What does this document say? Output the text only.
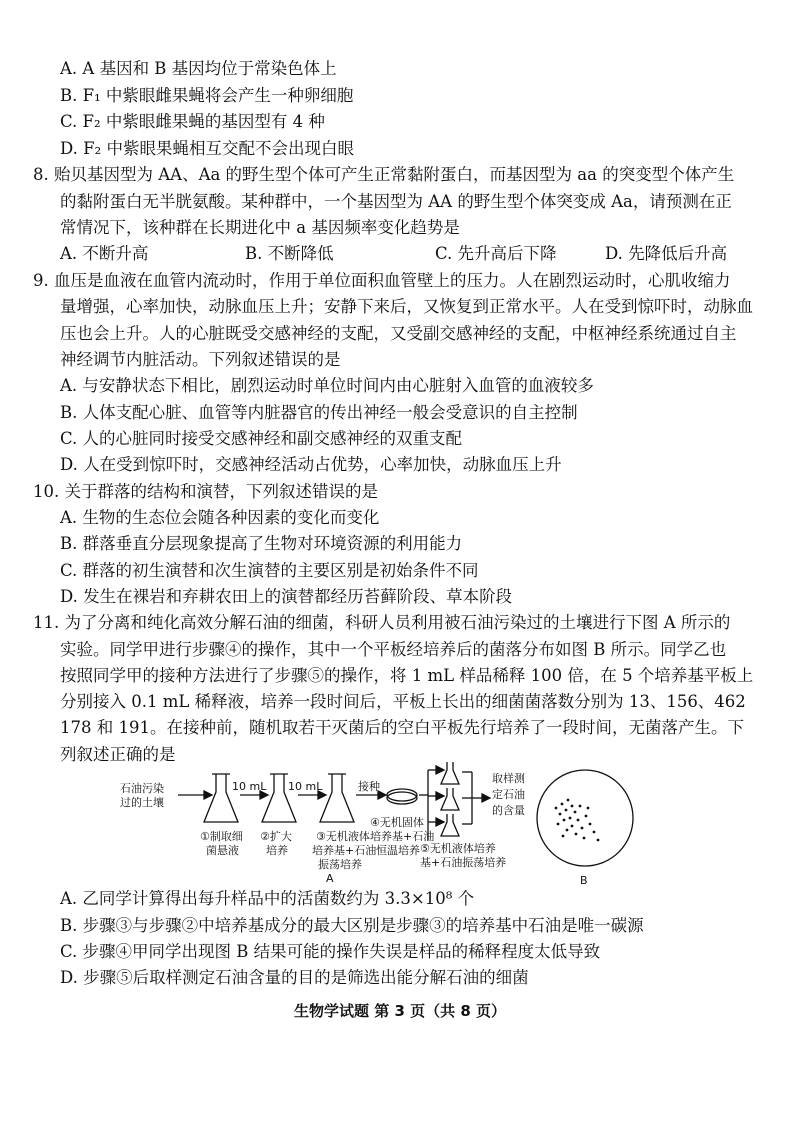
A. A 基因和 B 基因均位于常染色体上
B. F₁ 中紫眼雌果蝇将会产生一种卵细胞
C. F₂ 中紫眼雌果蝇的基因型有 4 种
D. F₂ 中紫眼果蝇相互交配不会出现白眼
8. 贻贝基因型为 AA、Aa 的野生型个体可产生正常黏附蛋白，而基因型为 aa 的突变型个体产生
的黏附蛋白无半胱氨酸。某种群中，一个基因型为 AA 的野生型个体突变成 Aa，请预测在正
常情况下，该种群在长期进化中 a 基因频率变化趋势是
A. 不断升高	B. 不断降低	C. 先升高后下降	D. 先降低后升高
9. 血压是血液在血管内流动时，作用于单位面积血管壁上的压力。人在剧烈运动时，心肌收缩力
量增强，心率加快，动脉血压上升；安静下来后，又恢复到正常水平。人在受到惊吓时，动脉血
压也会上升。人的心脏既受交感神经的支配，又受副交感神经的支配，中枢神经系统通过自主
神经调节内脏活动。下列叙述错误的是
A. 与安静状态下相比，剧烈运动时单位时间内由心脏射入血管的血液较多
B. 人体支配心脏、血管等内脏器官的传出神经一般会受意识的自主控制
C. 人的心脏同时接受交感神经和副交感神经的双重支配
D. 人在受到惊吓时，交感神经活动占优势，心率加快，动脉血压上升
10. 关于群落的结构和演替，下列叙述错误的是
A. 生物的生态位会随各种因素的变化而变化
B. 群落垂直分层现象提高了生物对环境资源的利用能力
C. 群落的初生演替和次生演替的主要区别是初始条件不同
D. 发生在裸岩和弃耕农田上的演替都经历苔藓阶段、草本阶段
11. 为了分离和纯化高效分解石油的细菌，科研人员利用被石油污染过的土壤进行下图 A 所示的
实验。同学甲进行步骤④的操作，其中一个平板经培养后的菌落分布如图 B 所示。同学乙也
按照同学甲的接种方法进行了步骤⑤的操作，将 1 mL 样品稀释 100 倍，在 5 个培养基平板上
分别接入 0.1 mL 稀释液，培养一段时间后，平板上长出的细菌菌落数分别为 13、156、462
178 和 191。在接种前，随机取若干灭菌后的空白平板先行培养了一段时间，无菌落产生。下
列叙述正确的是
石油污染
过的土壤
10 mL 10 mL	接种
①制取细
菌悬液
②扩大
培养
③无机液体
培养基+石油
振荡培养
④无机固体
培养基+石油
恒温培养 ⑤无机液体培养
基+石油振荡培养
取样测
定石油
的含量
A	B
A. 乙同学计算得出每升样品中的活菌数约为 3.3×10⁸ 个
B. 步骤③与步骤②中培养基成分的最大区别是步骤③的培养基中石油是唯一碳源
C. 步骤④甲同学出现图 B 结果可能的操作失误是样品的稀释程度太低导致
D. 步骤⑤后取样测定石油含量的目的是筛选出能分解石油的细菌
生物学试题 第 3 页（共 8 页）
